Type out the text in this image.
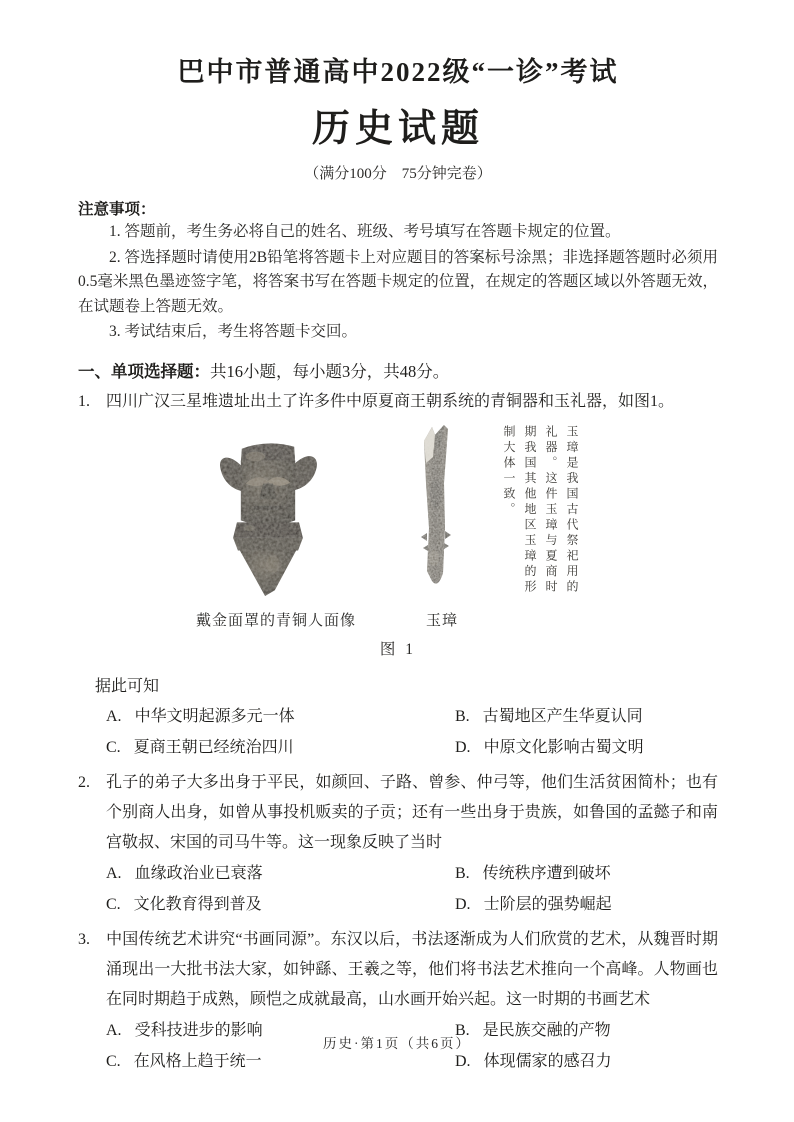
巴中市普通高中2022级“一诊”考试
历史试题
（满分100分　75分钟完卷）
注意事项：
1. 答题前，考生务必将自己的姓名、班级、考号填写在答题卡规定的位置。
2. 答选择题时请使用2B铅笔将答题卡上对应题目的答案标号涂黑；非选择题答题时必须用0.5毫米黑色墨迹签字笔，将答案书写在答题卡规定的位置，在规定的答题区域以外答题无效，在试题卷上答题无效。
3. 考试结束后，考生将答题卡交回。
一、单项选择题：共16小题，每小题3分，共48分。
1. 四川广汉三星堆遗址出土了许多件中原夏商王朝系统的青铜器和玉礼器，如图1。
玉璋是我国古代祭祀用的礼器。这件玉璋与夏商时期我国其他地区玉璋的形制大体一致。
戴金面罩的青铜人面像	玉璋
图 1
据此可知
A. 中华文明起源多元一体	B. 古蜀地区产生华夏认同
C. 夏商王朝已经统治四川	D. 中原文化影响古蜀文明
2. 孔子的弟子大多出身于平民，如颜回、子路、曾参、仲弓等，他们生活贫困简朴；也有个别商人出身，如曾从事投机贩卖的子贡；还有一些出身于贵族，如鲁国的孟懿子和南宫敬叔、宋国的司马牛等。这一现象反映了当时
A. 血缘政治业已衰落	B. 传统秩序遭到破坏
C. 文化教育得到普及	D. 士阶层的强势崛起
3. 中国传统艺术讲究“书画同源”。东汉以后，书法逐渐成为人们欣赏的艺术，从魏晋时期涌现出一大批书法大家，如钟繇、王羲之等，他们将书法艺术推向一个高峰。人物画也在同时期趋于成熟，顾恺之成就最高，山水画开始兴起。这一时期的书画艺术
A. 受科技进步的影响	B. 是民族交融的产物
C. 在风格上趋于统一	D. 体现儒家的感召力
历史·第1页（共6页）
